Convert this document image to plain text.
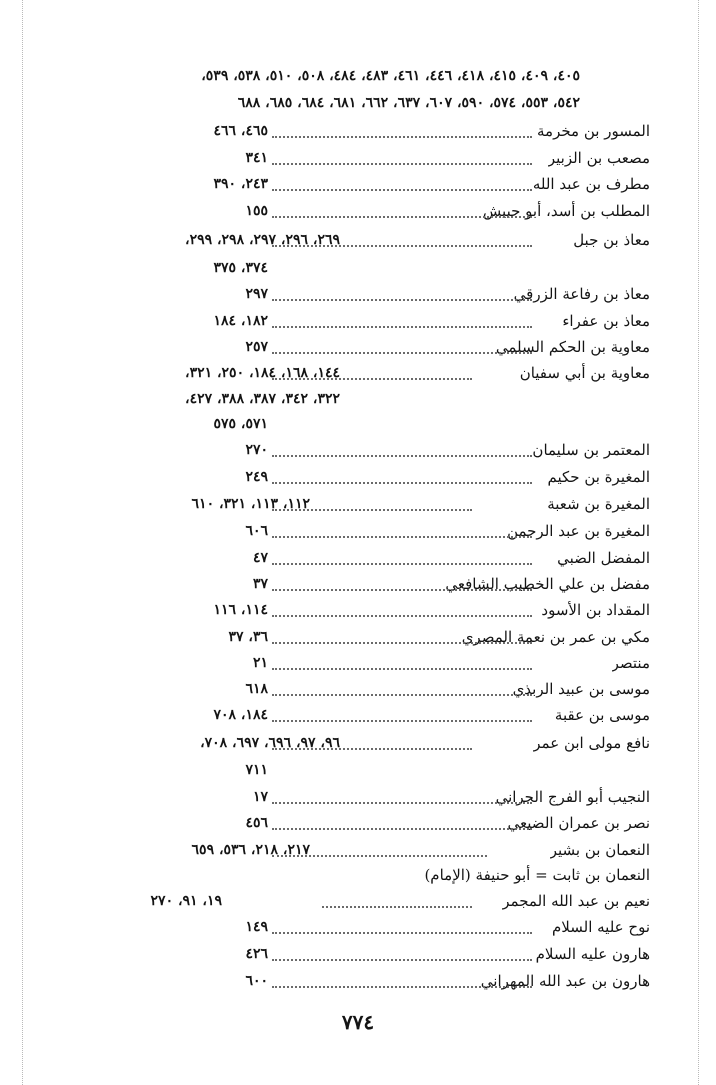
٤٠٥، ٤٠٩، ٤١٥، ٤١٨، ٤٤٦، ٤٦١، ٤٨٣، ٤٨٤، ٥٠٨، ٥١٠، ٥٣٨، ٥٣٩،
٥٤٢، ٥٥٣، ٥٧٤، ٥٩٠، ٦٠٧، ٦٣٧، ٦٦٢، ٦٨١، ٦٨٤، ٦٨٥، ٦٨٨
المسور بن مخرمة
٤٦٥، ٤٦٦
مصعب بن الزبير
٣٤١
مطرف بن عبد الله
٢٤٣، ٣٩٠
المطلب بن أسد، أبو حبيش
١٥٥
معاذ بن جبل
٢٦٩، ٢٩٦، ٢٩٧، ٢٩٨، ٢٩٩،
٣٧٤، ٣٧٥
معاذ بن رفاعة الزرقي
٢٩٧
معاذ بن عفراء
١٨٢، ١٨٤
معاوية بن الحكم السلمي
٢٥٧
معاوية بن أبي سفيان
١٤٤، ١٦٨، ١٨٤، ٢٥٠، ٣٢١،
٣٢٢، ٣٤٢، ٣٨٧، ٣٨٨، ٤٢٧،
٥٧١، ٥٧٥
المعتمر بن سليمان
٢٧٠
المغيرة بن حكيم
٢٤٩
المغيرة بن شعبة
١١٢، ١١٣، ٣٢١، ٦١٠
المغيرة بن عبد الرحمن
٦٠٦
المفضل الضبي
٤٧
مفضل بن علي الخطيب الشافعي
٣٧
المقداد بن الأسود
١١٤، ١١٦
مكي بن عمر بن نعمة المصري
٣٦، ٣٧
منتصر
٢١
موسى بن عبيد الربذي
٦١٨
موسى بن عقبة
١٨٤، ٧٠٨
نافع مولى ابن عمر
٩٦، ٩٧، ٦٩٦، ٦٩٧، ٧٠٨،
٧١١
النجيب أبو الفرج الحراني
١٧
نصر بن عمران الضبعي
٤٥٦
النعمان بن بشير
٢١٧، ٢١٨، ٥٣٦، ٦٥٩
النعمان بن ثابت = أبو حنيفة (الإمام)
نعيم بن عبد الله المجمر
١٩، ٩١، ٢٧٠
نوح عليه السلام
١٤٩
هارون عليه السلام
٤٢٦
هارون بن عبد الله المهراني
٦٠٠
٧٧٤
